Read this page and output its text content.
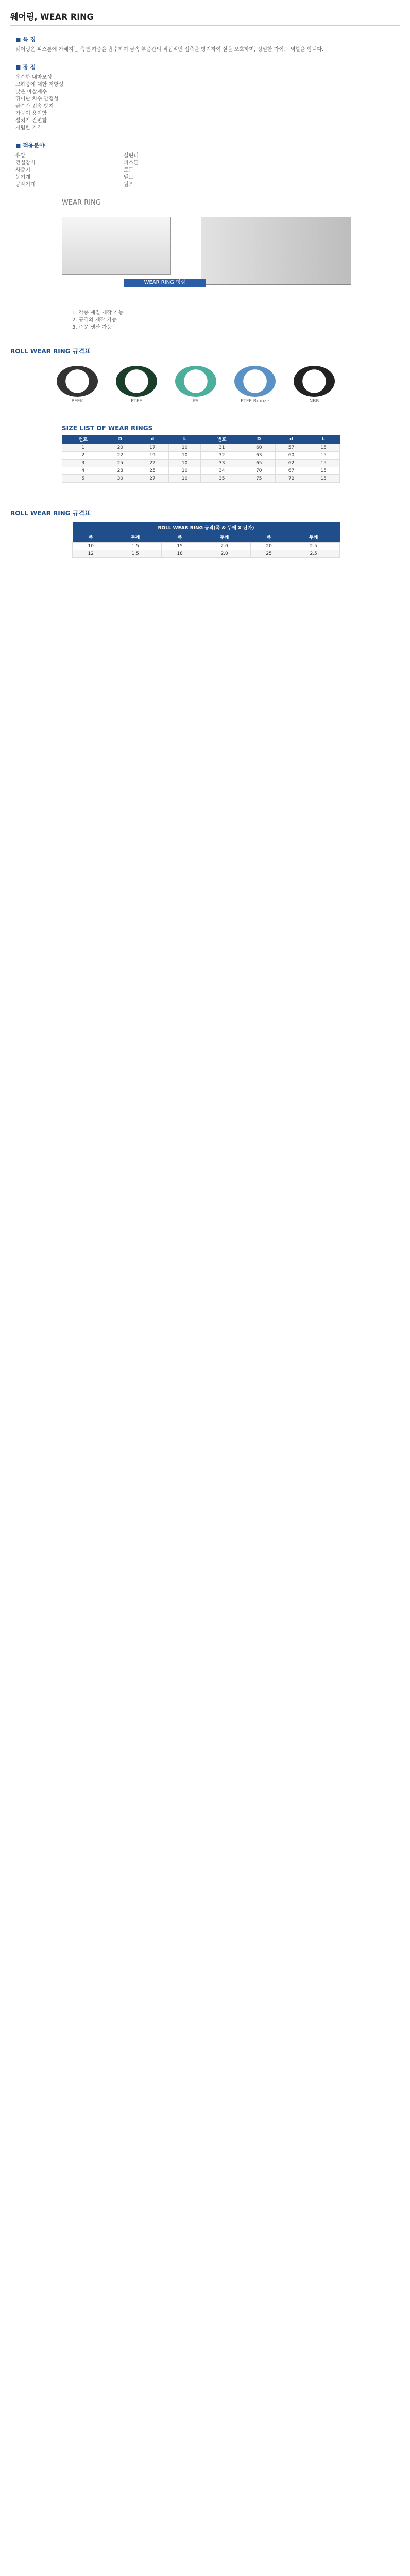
웨어링, WEAR RING
■ 특 징
웨어링은 피스톤에 가해지는 측면 하중을 흡수하여 금속 부품간의 직접적인 접촉을 방지하여 실을 보호하며, 정밀한 가이드 역할을 합니다.
■ 장 점
우수한 내마모성
고하중에 대한 저항성
낮은 마찰계수
뛰어난 치수 안정성
금속간 접촉 방지
가공이 용이함
설치가 간편함
저렴한 가격
■ 적용분야
유압	실린더
건설장비	피스톤
사출기	로드
농기계	밸브
공작기계	펌프
WEAR RING
WEAR RING 형상
1. 각종 재질 제작 가능
2. 규격외 제작 가능
3. 주문 생산 가능
ROLL WEAR RING 규격표
PEEK	PTFE	PA	PTFE Bronze	NBR
SIZE LIST OF WEAR RINGS
번호	D	d	L	번호	D	d	L
1	20	17	10	31	60	57	15
2	22	19	10	32	63	60	15
3	25	22	10	33	65	62	15
4	28	25	10	34	70	67	15
5	30	27	10	35	75	72	15
ROLL WEAR RING 규격표
ROLL WEAR RING 규격(폭 & 두께 X 단가)					
폭	두께	폭	두께	폭	두께
10	1.5	15	2.0	20	2.5
12	1.5	18	2.0	25	2.5
